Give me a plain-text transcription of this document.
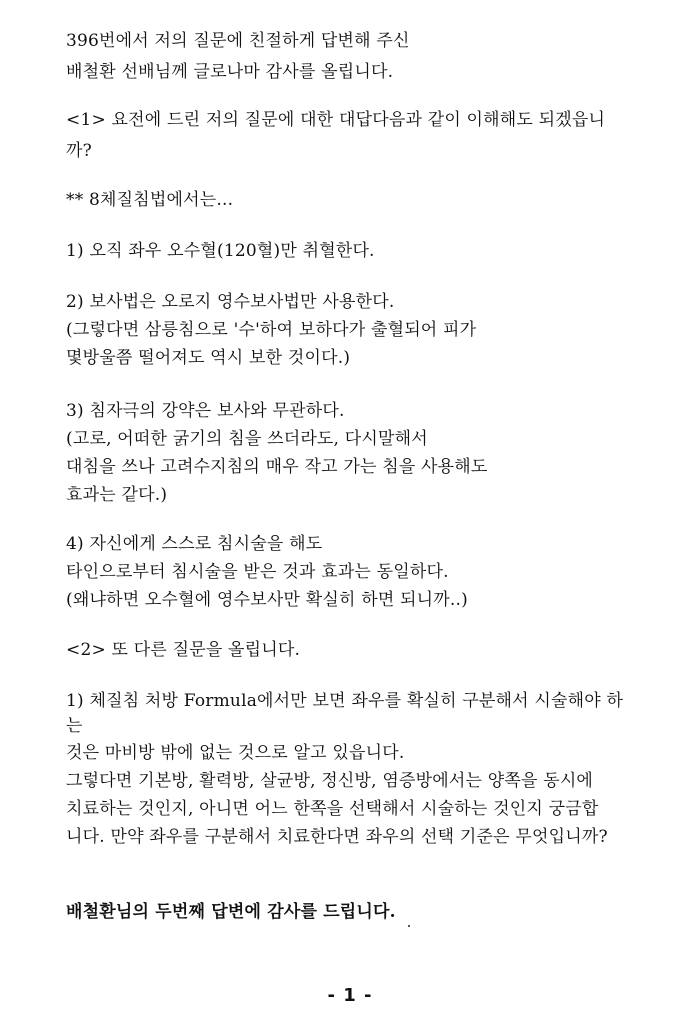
396번에서 저의 질문에 친절하게 답변해 주신
배철환 선배님께 글로나마 감사를 올립니다.
<1> 요전에 드린 저의 질문에 대한 대답다음과 같이 이해해도 되겠읍니
까?
** 8체질침법에서는...
1) 오직 좌우 오수혈(120혈)만 취혈한다.
2) 보사법은 오로지 영수보사법만 사용한다.
(그렇다면 삼릉침으로 '수'하여 보하다가 출혈되어 피가
몇방울쯤 떨어져도 역시 보한 것이다.)
3) 침자극의 강약은 보사와 무관하다.
(고로, 어떠한 굵기의 침을 쓰더라도, 다시말해서
대침을 쓰나 고려수지침의 매우 작고 가는 침을 사용해도
효과는 같다.)
4) 자신에게 스스로 침시술을 해도
타인으로부터 침시술을 받은 것과 효과는 동일하다.
(왜냐하면 오수혈에 영수보사만 확실히 하면 되니까..)
<2> 또 다른 질문을 올립니다.
1) 체질침 처방 Formula에서만 보면 좌우를 확실히 구분해서 시술해야 하
는
것은 마비방 밖에 없는 것으로 알고 있읍니다.
그렇다면 기본방, 활력방, 살균방, 정신방, 염증방에서는 양쪽을 동시에
치료하는 것인지, 아니면 어느 한쪽을 선택해서 시술하는 것인지 궁금합
니다. 만약 좌우를 구분해서 치료한다면 좌우의 선택 기준은 무엇입니까?
배철환님의 두번째 답변에 감사를 드립니다.
- 1 -
